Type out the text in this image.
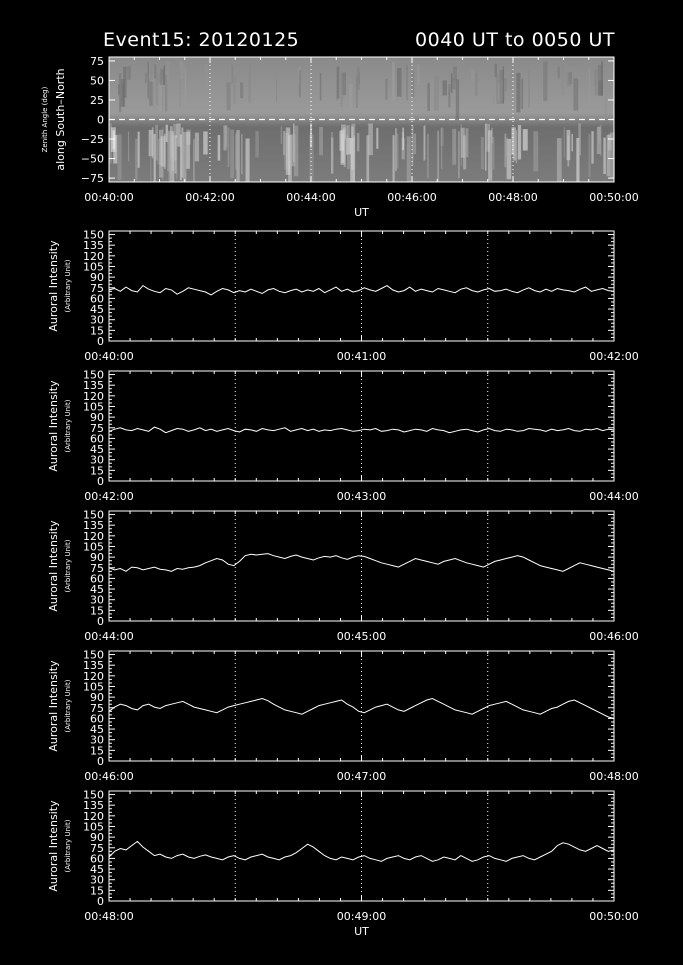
Event15: 20120125	0040 UT to 0050 UT
75
50
25
0
−25
−50
−75
00:40:00	00:42:00	00:44:00	00:46:00	00:48:00	00:50:00
Zenith Angle (deg) along South–North
UT
0
15
30
45
60
75
90
105
120
135
150
00:40:00	00:41:00	00:42:00
Auroral Intensity (Arbitrary Unit)
0
15
30
45
60
75
90
105
120
135
150
00:42:00	00:43:00	00:44:00
Auroral Intensity (Arbitrary Unit)
0
15
30
45
60
75
90
105
120
135
150
00:44:00	00:45:00	00:46:00
Auroral Intensity (Arbitrary Unit)
0
15
30
45
60
75
90
105
120
135
150
00:46:00	00:47:00	00:48:00
Auroral Intensity (Arbitrary Unit)
0
15
30
45
60
75
90
105
120
135
150
00:48:00	00:49:00	00:50:00
Auroral Intensity (Arbitrary Unit)
UT
